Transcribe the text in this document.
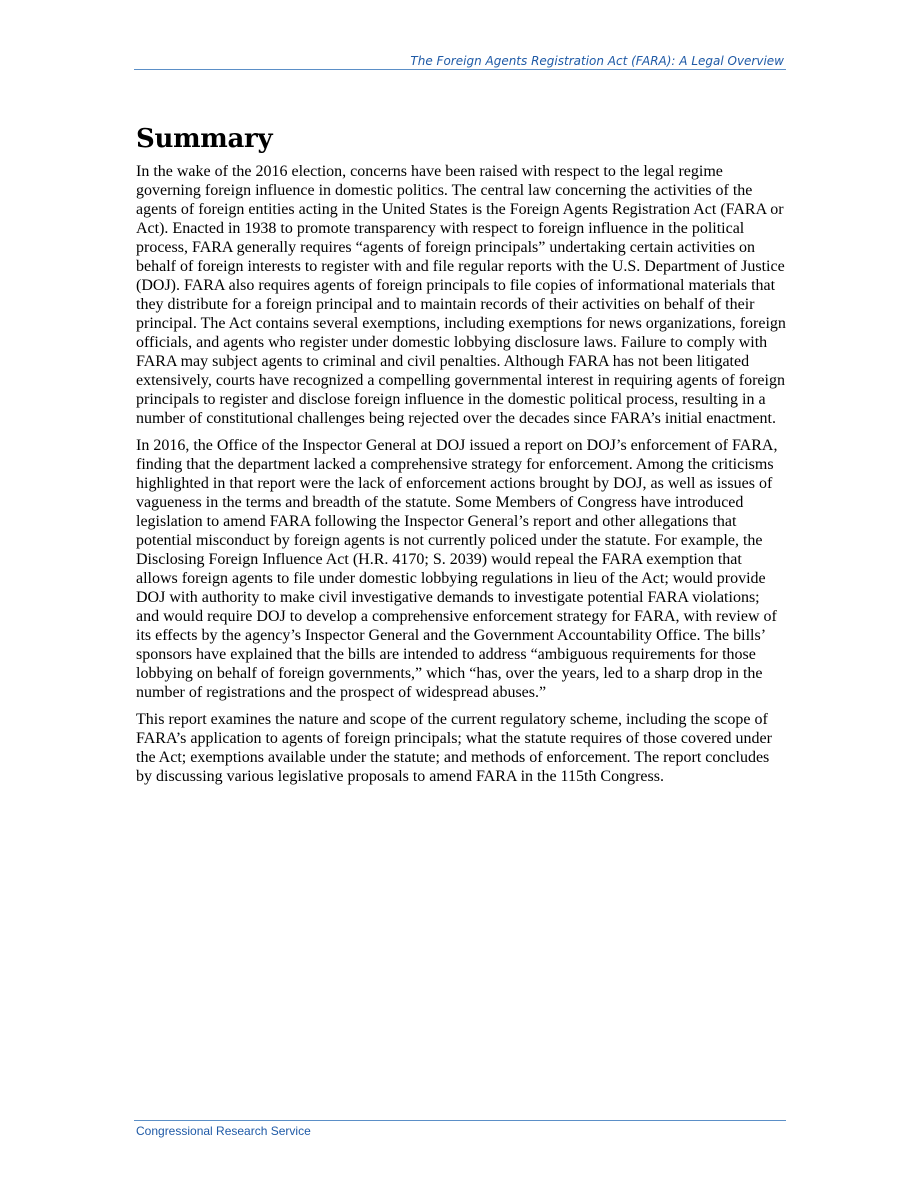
The Foreign Agents Registration Act (FARA): A Legal Overview
Summary

In the wake of the 2016 election, concerns have been raised with respect to the legal regime governing foreign influence in domestic politics. The central law concerning the activities of the agents of foreign entities acting in the United States is the Foreign Agents Registration Act (FARA or Act). Enacted in 1938 to promote transparency with respect to foreign influence in the political process, FARA generally requires “agents of foreign principals” undertaking certain activities on behalf of foreign interests to register with and file regular reports with the U.S. Department of Justice (DOJ). FARA also requires agents of foreign principals to file copies of informational materials that they distribute for a foreign principal and to maintain records of their activities on behalf of their principal. The Act contains several exemptions, including exemptions for news organizations, foreign officials, and agents who register under domestic lobbying disclosure laws. Failure to comply with FARA may subject agents to criminal and civil penalties. Although FARA has not been litigated extensively, courts have recognized a compelling governmental interest in requiring agents of foreign principals to register and disclose foreign influence in the domestic political process, resulting in a number of constitutional challenges being rejected over the decades since FARA’s initial enactment.

In 2016, the Office of the Inspector General at DOJ issued a report on DOJ’s enforcement of FARA, finding that the department lacked a comprehensive strategy for enforcement. Among the criticisms highlighted in that report were the lack of enforcement actions brought by DOJ, as well as issues of vagueness in the terms and breadth of the statute. Some Members of Congress have introduced legislation to amend FARA following the Inspector General’s report and other allegations that potential misconduct by foreign agents is not currently policed under the statute. For example, the Disclosing Foreign Influence Act (H.R. 4170; S. 2039) would repeal the FARA exemption that allows foreign agents to file under domestic lobbying regulations in lieu of the Act; would provide DOJ with authority to make civil investigative demands to investigate potential FARA violations; and would require DOJ to develop a comprehensive enforcement strategy for FARA, with review of its effects by the agency’s Inspector General and the Government Accountability Office. The bills’ sponsors have explained that the bills are intended to address “ambiguous requirements for those lobbying on behalf of foreign governments,” which “has, over the years, led to a sharp drop in the number of registrations and the prospect of widespread abuses.”

This report examines the nature and scope of the current regulatory scheme, including the scope of FARA’s application to agents of foreign principals; what the statute requires of those covered under the Act; exemptions available under the statute; and methods of enforcement. The report concludes by discussing various legislative proposals to amend FARA in the 115th Congress.

Congressional Research Service
